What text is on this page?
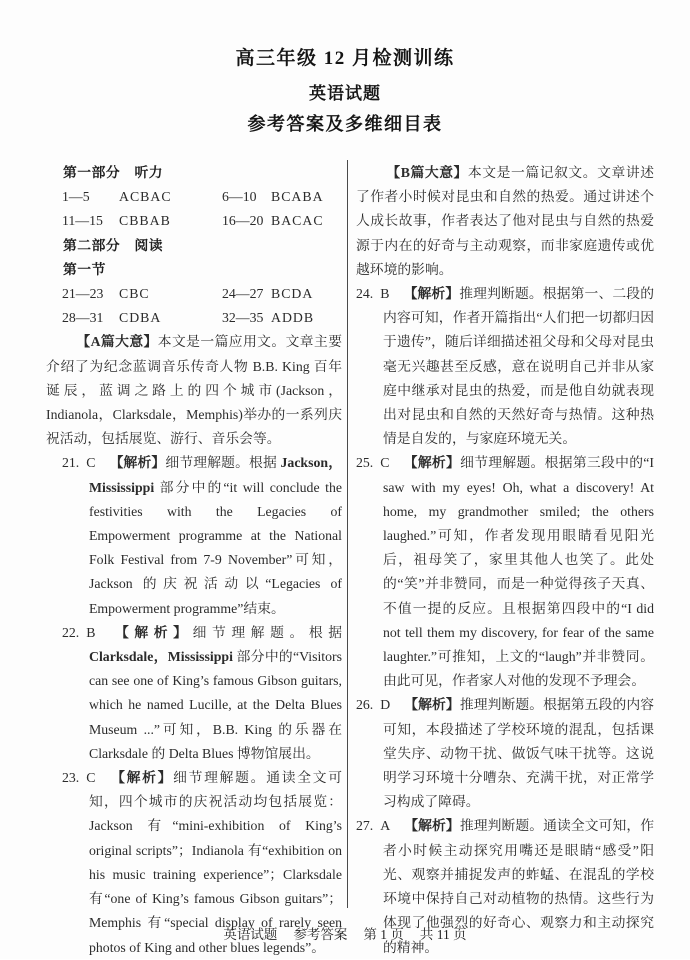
高三年级 12 月检测训练
英语试题
参考答案及多维细目表
第一部分　听力
1—5	ACBAC	6—10	BCABA
11—15	CBBAB	16—20 BACAC
第二部分　阅读
第一节
21—23	CBC	24—27 BCDA
28—31	CDBA	32—35 ADDB
【A篇大意】本文是一篇应用文。文章主要介绍了为纪念蓝调音乐传奇人物 B.B. King 百年诞辰，蓝调之路上的四个城市(Jackson，Indianola，Clarksdale，Memphis)举办的一系列庆祝活动，包括展览、游行、音乐会等。
21. C 【解析】细节理解题。根据 Jackson，Mississippi 部分中的“it will conclude the festivities with the Legacies of Empowerment programme at the National Folk Festival from 7-9 November”可知，Jackson 的庆祝活动以“Legacies of Empowerment programme”结束。
22. B 【解析】细节理解题。根据 Clarksdale，Mississippi 部分中的“Visitors can see one of King’s famous Gibson guitars, which he named Lucille, at the Delta Blues Museum ...”可知，B.B. King 的乐器在 Clarksdale 的 Delta Blues 博物馆展出。
23. C 【解析】细节理解题。通读全文可知，四个城市的庆祝活动均包括展览：Jackson 有“mini-exhibition of King’s original scripts”；Indianola 有“exhibition on his music training experience”；Clarksdale 有“one of King’s famous Gibson guitars”；Memphis 有“special display of rarely seen photos of King and other blues legends”。
【B篇大意】本文是一篇记叙文。文章讲述了作者小时候对昆虫和自然的热爱。通过讲述个人成长故事，作者表达了他对昆虫与自然的热爱源于内在的好奇与主动观察，而非家庭遗传或优越环境的影响。
24. B 【解析】推理判断题。根据第一、二段的内容可知，作者开篇指出“人们把一切都归因于遗传”，随后详细描述祖父母和父母对昆虫毫无兴趣甚至反感，意在说明自己并非从家庭中继承对昆虫的热爱，而是他自幼就表现出对昆虫和自然的天然好奇与热情。这种热情是自发的，与家庭环境无关。
25. C 【解析】细节理解题。根据第三段中的“I saw with my eyes! Oh, what a discovery! At home, my grandmother smiled; the others laughed.”可知，作者发现用眼睛看见阳光后，祖母笑了，家里其他人也笑了。此处的“笑”并非赞同，而是一种觉得孩子天真、不值一提的反应。且根据第四段中的“I did not tell them my discovery, for fear of the same laughter.”可推知，上文的“laugh”并非赞同。由此可见，作者家人对他的发现不予理会。
26. D 【解析】推理判断题。根据第五段的内容可知，本段描述了学校环境的混乱，包括课堂失序、动物干扰、做饭气味干扰等。这说明学习环境十分嘈杂、充满干扰，对正常学习构成了障碍。
27. A 【解析】推理判断题。通读全文可知，作者小时候主动探究用嘴还是眼睛“感受”阳光、观察并捕捉发声的蚱蜢、在混乱的学校环境中保持自己对动植物的热情。这些行为体现了他强烈的好奇心、观察力和主动探究的精神。
英语试题 参考答案 第 1 页 共 11 页
